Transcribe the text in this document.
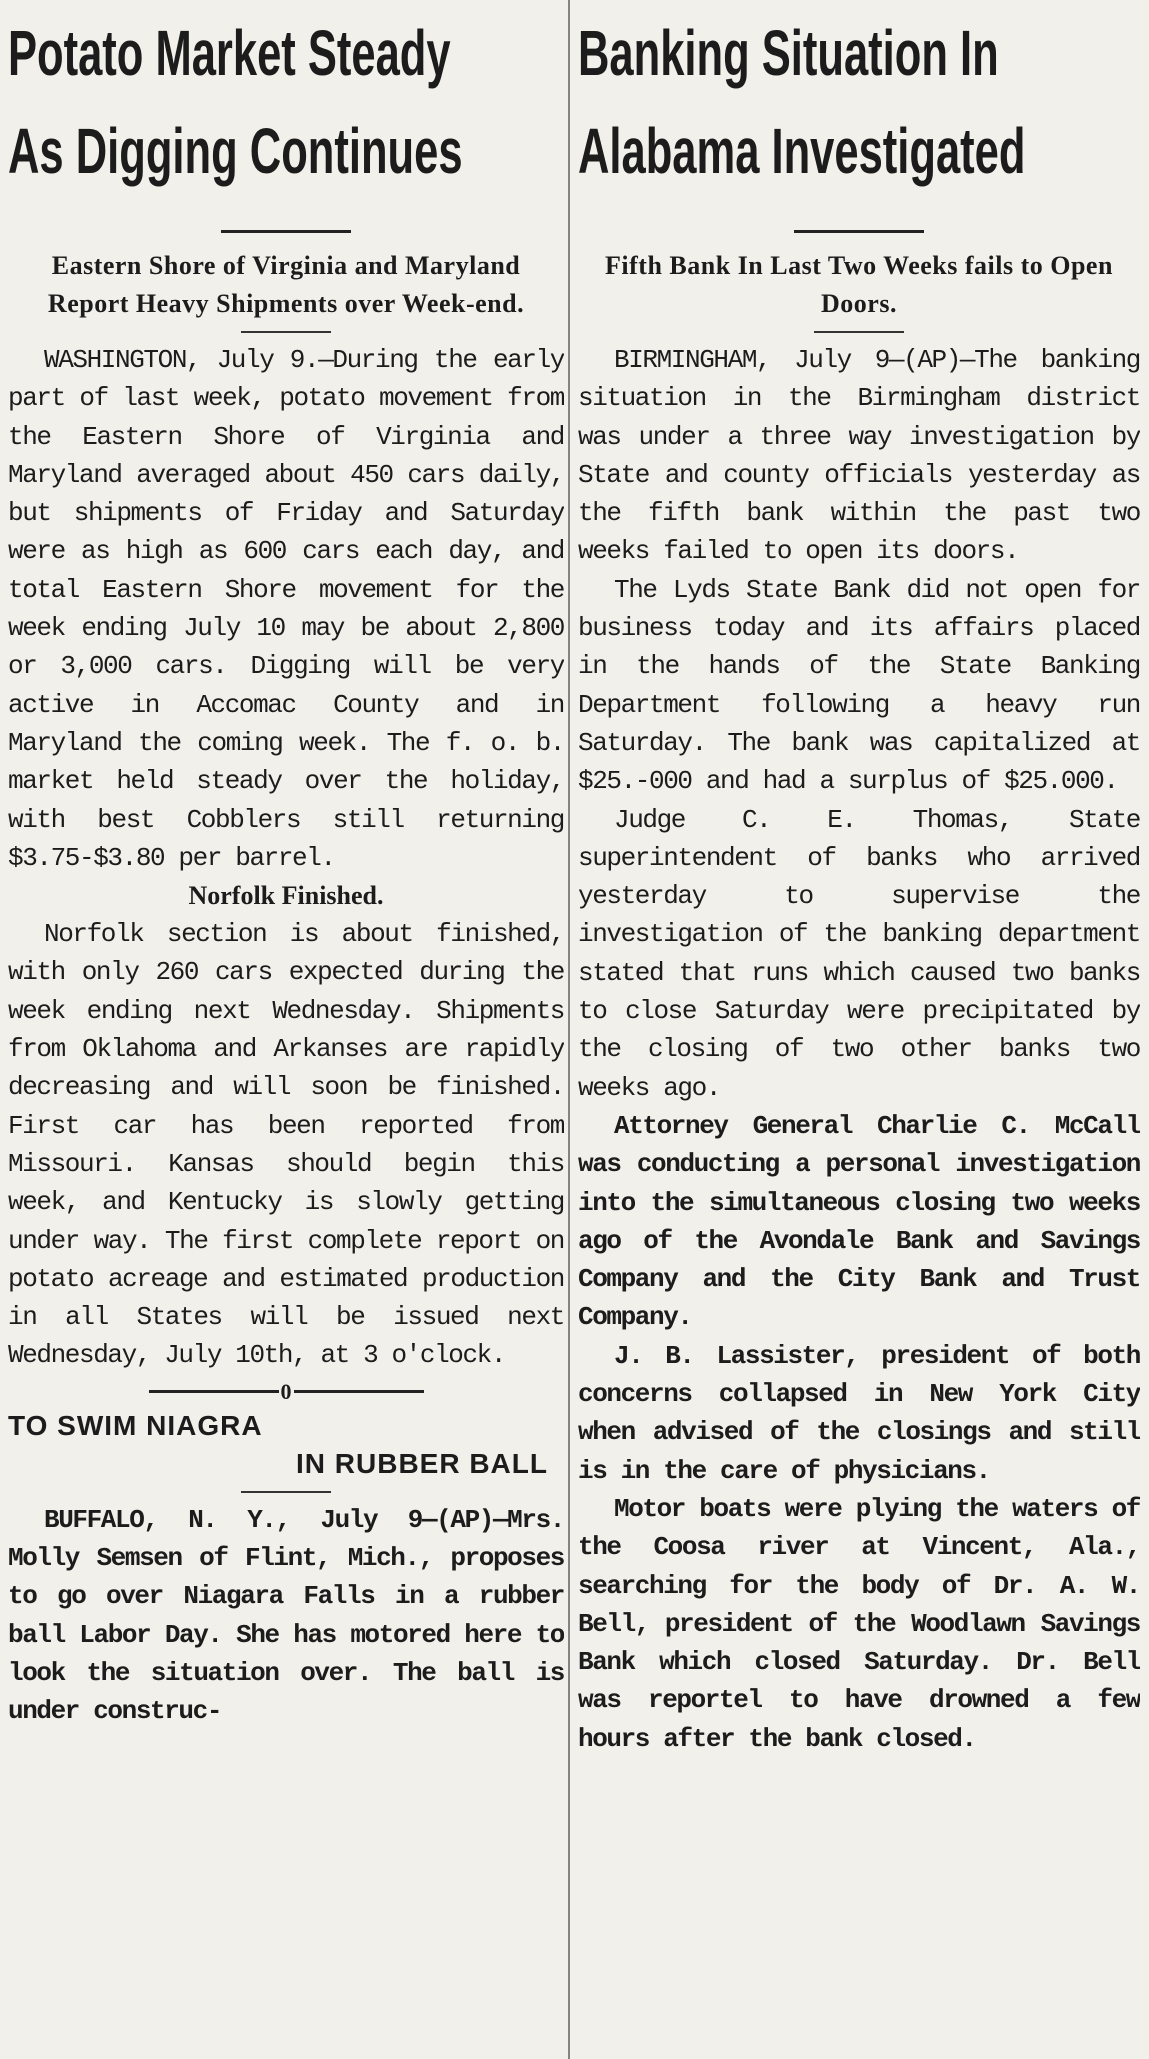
Potato Market Steady
As Digging Continues
Eastern Shore of Virginia and Maryland Report Heavy Shipments over Week-end.

WASHINGTON, July 9.—During the early part of last week, potato movement from the Eastern Shore of Virginia and Maryland averaged about 450 cars daily, but shipments of Friday and Saturday were as high as 600 cars each day, and total Eastern Shore movement for the week ending July 10 may be about 2,800 or 3,000 cars. Digging will be very active in Accomac County and in Maryland the coming week. The f. o. b. market held steady over the holiday, with best Cobblers still returning $3.75-$3.80 per barrel.

Norfolk Finished.

Norfolk section is about finished, with only 260 cars expected during the week ending next Wednesday. Shipments from Oklahoma and Arkanses are rapidly decreasing and will soon be finished. First car has been reported from Missouri. Kansas should begin this week, and Kentucky is slowly getting under way. The first complete report on potato acreage and estimated production in all States will be issued next Wednesday, July 10th, at 3 o'clock.

0

TO SWIM NIAGRA

IN RUBBER BALL

BUFFALO, N. Y., July 9—(AP)—Mrs. Molly Semsen of Flint, Mich., proposes to go over Niagara Falls in a rubber ball Labor Day. She has motored here to look the situation over. The ball is under construc-

Banking Situation In
Alabama Investigated
Fifth Bank In Last Two Weeks fails to Open Doors.

BIRMINGHAM, July 9—(AP)—The banking situation in the Birmingham district was under a three way investigation by State and county officials yesterday as the fifth bank within the past two weeks failed to open its doors.

The Lyds State Bank did not open for business today and its affairs placed in the hands of the State Banking Department following a heavy run Saturday. The bank was capitalized at $25.-000 and had a surplus of $25.000.

Judge C. E. Thomas, State superintendent of banks who arrived yesterday to supervise the investigation of the banking department stated that runs which caused two banks to close Saturday were precipitated by the closing of two other banks two weeks ago.

Attorney General Charlie C. McCall was conducting a personal investigation into the simultaneous closing two weeks ago of the Avondale Bank and Savings Company and the City Bank and Trust Company.

J. B. Lassister, president of both concerns collapsed in New York City when advised of the closings and still is in the care of physicians.

Motor boats were plying the waters of the Coosa river at Vincent, Ala., searching for the body of Dr. A. W. Bell, president of the Woodlawn Savings Bank which closed Saturday. Dr. Bell was reportel to have drowned a few hours after the bank closed.
